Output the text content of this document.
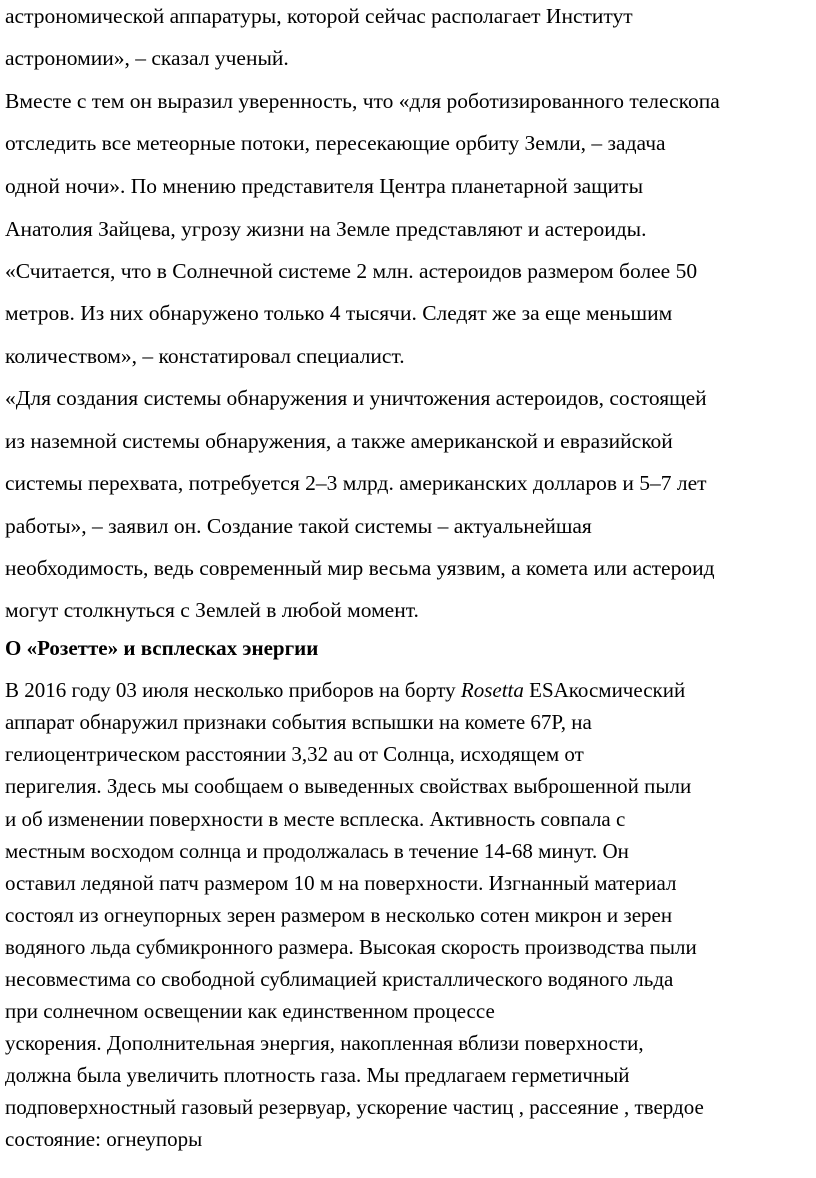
астрономической аппаратуры, которой сейчас располагает Институт
астрономии», – сказал ученый.
Вместе с тем он выразил уверенность, что «для роботизированного телескопа
отследить все метеорные потоки, пересекающие орбиту Земли, – задача
одной ночи». По мнению представителя Центра планетарной защиты
Анатолия Зайцева, угрозу жизни на Земле представляют и астероиды.
«Считается, что в Солнечной системе 2 млн. астероидов размером более 50
метров. Из них обнаружено только 4 тысячи. Следят же за еще меньшим
количеством», – констатировал специалист.
«Для создания системы обнаружения и уничтожения астероидов, состоящей
из наземной системы обнаружения, а также американской и евразийской
системы перехвата, потребуется 2–3 млрд. американских долларов и 5–7 лет
работы», – заявил он. Создание такой системы – актуальнейшая
необходимость, ведь современный мир весьма уязвим, а комета или астероид
могут столкнуться с Землей в любой момент.
О «Розетте» и всплесках энергии
В 2016 году 03 июля несколько приборов на борту Rosetta ESAкосмический
аппарат обнаружил признаки события вспышки на комете 67P, на
гелиоцентрическом расстоянии 3,32 au от Солнца, исходящем от
перигелия. Здесь мы сообщаем о выведенных свойствах выброшенной пыли
и об изменении поверхности в месте всплеска. Активность совпала с
местным восходом солнца и продолжалась в течение 14-68 минут. Он
оставил ледяной патч размером 10 м на поверхности. Изгнанный материал
состоял из огнеупорных зерен размером в несколько сотен микрон и зерен
водяного льда субмикронного размера. Высокая скорость производства пыли
несовместима со свободной сублимацией кристаллического водяного льда
при солнечном освещении как единственном процессе
ускорения. Дополнительная энергия, накопленная вблизи поверхности,
должна была увеличить плотность газа. Мы предлагаем герметичный
подповерхностный газовый резервуар, ускорение частиц , рассеяние , твердое
состояние: огнеупоры
